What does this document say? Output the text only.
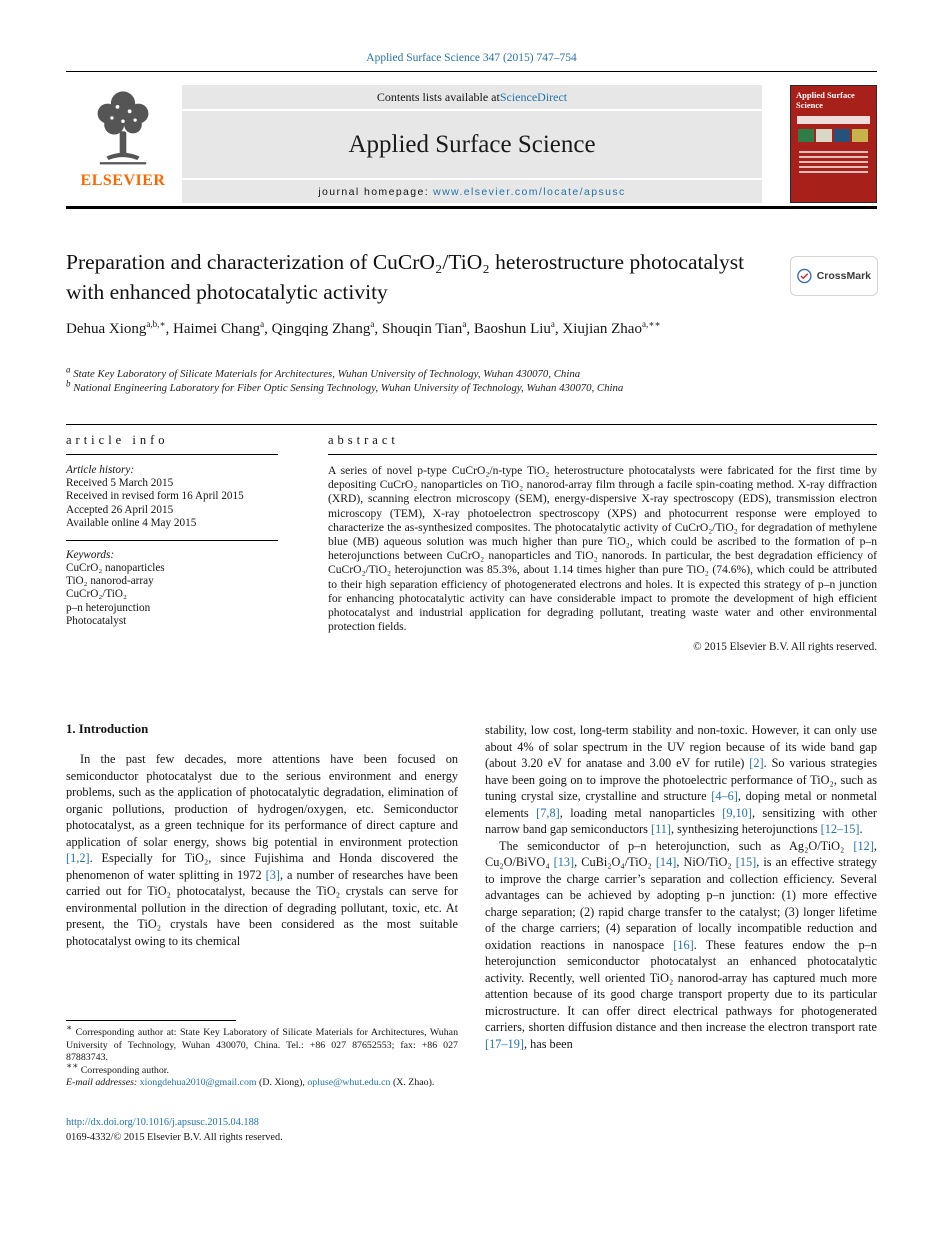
Applied Surface Science 347 (2015) 747–754
ELSEVIER
Contents lists available at ScienceDirect
Applied Surface Science
journal homepage: www.elsevier.com/locate/apsusc
Applied Surface Science
Preparation and characterization of CuCrO₂/TiO₂ heterostructure photocatalyst with enhanced photocatalytic activity
CrossMark
Dehua Xiong$^{a,b,∗}$, Haimei Chang$^a$, Qingqing Zhang$^a$, Shouqin Tian$^a$, Baoshun Liu$^a$, Xiujian Zhao$^{a,∗∗}$
$^a$ State Key Laboratory of Silicate Materials for Architectures, Wuhan University of Technology, Wuhan 430070, China
$^b$ National Engineering Laboratory for Fiber Optic Sensing Technology, Wuhan University of Technology, Wuhan 430070, China
article info
Article history:
Received 5 March 2015
Received in revised form 16 April 2015
Accepted 26 April 2015
Available online 4 May 2015
Keywords:
CuCrO₂ nanoparticles
TiO₂ nanorod-array
CuCrO₂/TiO₂
p–n heterojunction
Photocatalyst
abstract

A series of novel p-type CuCrO₂/n-type TiO₂ heterostructure photocatalysts were fabricated for the first time by depositing CuCrO₂ nanoparticles on TiO₂ nanorod-array film through a facile spin-coating method. X-ray diffraction (XRD), scanning electron microscopy (SEM), energy-dispersive X-ray spectroscopy (EDS), transmission electron microscopy (TEM), X-ray photoelectron spectroscopy (XPS) and photocurrent response were employed to characterize the as-synthesized composites. The photocatalytic activity of CuCrO₂/TiO₂ for degradation of methylene blue (MB) aqueous solution was much higher than pure TiO₂, which could be ascribed to the formation of p–n heterojunctions between CuCrO₂ nanoparticles and TiO₂ nanorods. In particular, the best degradation efficiency of CuCrO₂/TiO₂ heterojunction was 85.3%, about 1.14 times higher than pure TiO₂ (74.6%), which could be attributed to their high separation efficiency of photogenerated electrons and holes. It is expected this strategy of p–n junction for enhancing photocatalytic activity can have considerable impact to promote the development of high efficient photocatalyst and industrial application for degrading pollutant, treating waste water and other environmental protection fields.

© 2015 Elsevier B.V. All rights reserved.
1. Introduction

In the past few decades, more attentions have been focused on semiconductor photocatalyst due to the serious environment and energy problems, such as the application of photocatalytic degradation, elimination of organic pollutions, production of hydrogen/oxygen, etc. Semiconductor photocatalyst, as a green technique for its performance of direct capture and application of solar energy, shows big potential in environment protection [1,2]. Especially for TiO₂, since Fujishima and Honda discovered the phenomenon of water splitting in 1972 [3], a number of researches have been carried out for TiO₂ photocatalyst, because the TiO₂ crystals can serve for environmental pollution in the direction of degrading pollutant, toxic, etc. At present, the TiO₂ crystals have been considered as the most suitable photocatalyst owing to its chemical

stability, low cost, long-term stability and non-toxic. However, it can only use about 4% of solar spectrum in the UV region because of its wide band gap (about 3.20 eV for anatase and 3.00 eV for rutile) [2]. So various strategies have been going on to improve the photoelectric performance of TiO₂, such as tuning crystal size, crystalline and structure [4–6], doping metal or nonmetal elements [7,8], loading metal nanoparticles [9,10], sensitizing with other narrow band gap semiconductors [11], synthesizing heterojunctions [12–15].

The semiconductor of p–n heterojunction, such as Ag₂O/TiO₂ [12], Cu₂O/BiVO₄ [13], CuBi₂O₄/TiO₂ [14], NiO/TiO₂ [15], is an effective strategy to improve the charge carrier’s separation and collection efficiency. Several advantages can be achieved by adopting p–n junction: (1) more effective charge separation; (2) rapid charge transfer to the catalyst; (3) longer lifetime of the charge carriers; (4) separation of locally incompatible reduction and oxidation reactions in nanospace [16]. These features endow the p–n heterojunction semiconductor photocatalyst an enhanced photocatalytic activity. Recently, well oriented TiO₂ nanorod-array has captured much more attention because of its good charge transport property due to its particular microstructure. It can offer direct electrical pathways for photogenerated carriers, shorten diffusion distance and then increase the electron transport rate [17–19], has been

∗ Corresponding author at: State Key Laboratory of Silicate Materials for Architectures, Wuhan University of Technology, Wuhan 430070, China. Tel.: +86 027 87652553; fax: +86 027 87883743.

∗∗ Corresponding author.

E-mail addresses: xiongdehua2010@gmail.com (D. Xiong), opluse@whut.edu.cn (X. Zhao).

http://dx.doi.org/10.1016/j.apsusc.2015.04.188
0169-4332/© 2015 Elsevier B.V. All rights reserved.
